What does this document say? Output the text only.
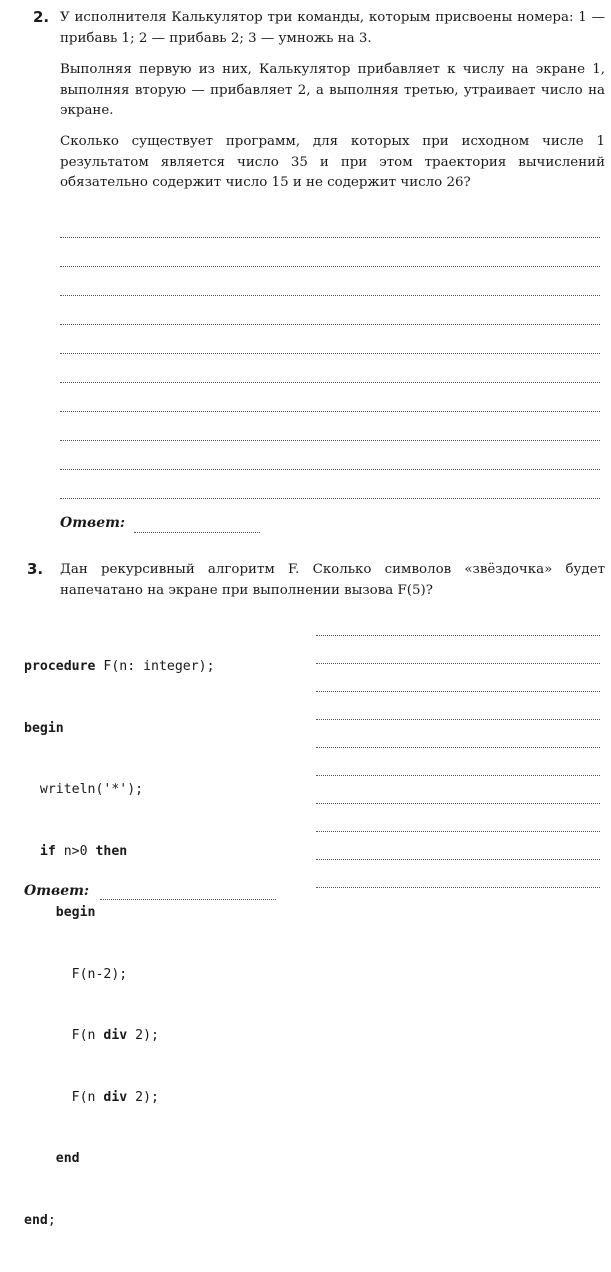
2. У исполнителя Калькулятор три команды, которым присвоены номера: 1 — прибавь 1; 2 — прибавь 2; 3 — умножь на 3.

Выполняя первую из них, Калькулятор прибавляет к числу на экране 1, выполняя вторую — прибавляет 2, а выполняя третью, утраивает число на экране.

Сколько существует программ, для которых при исходном числе 1 результатом является число 35 и при этом траектория вычислений обязательно содержит число 15 и не содержит число 26?

Ответ:
3. Дан рекурсивный алгоритм F. Сколько символов «звёздочка» будет напечатано на экране при выполнении вызова F(5)?

procedure F(n: integer);

begin

writeln('*');

if n>0 then

begin

F(n-2);

F(n div 2);

F(n div 2);

end

end;

Ответ:
